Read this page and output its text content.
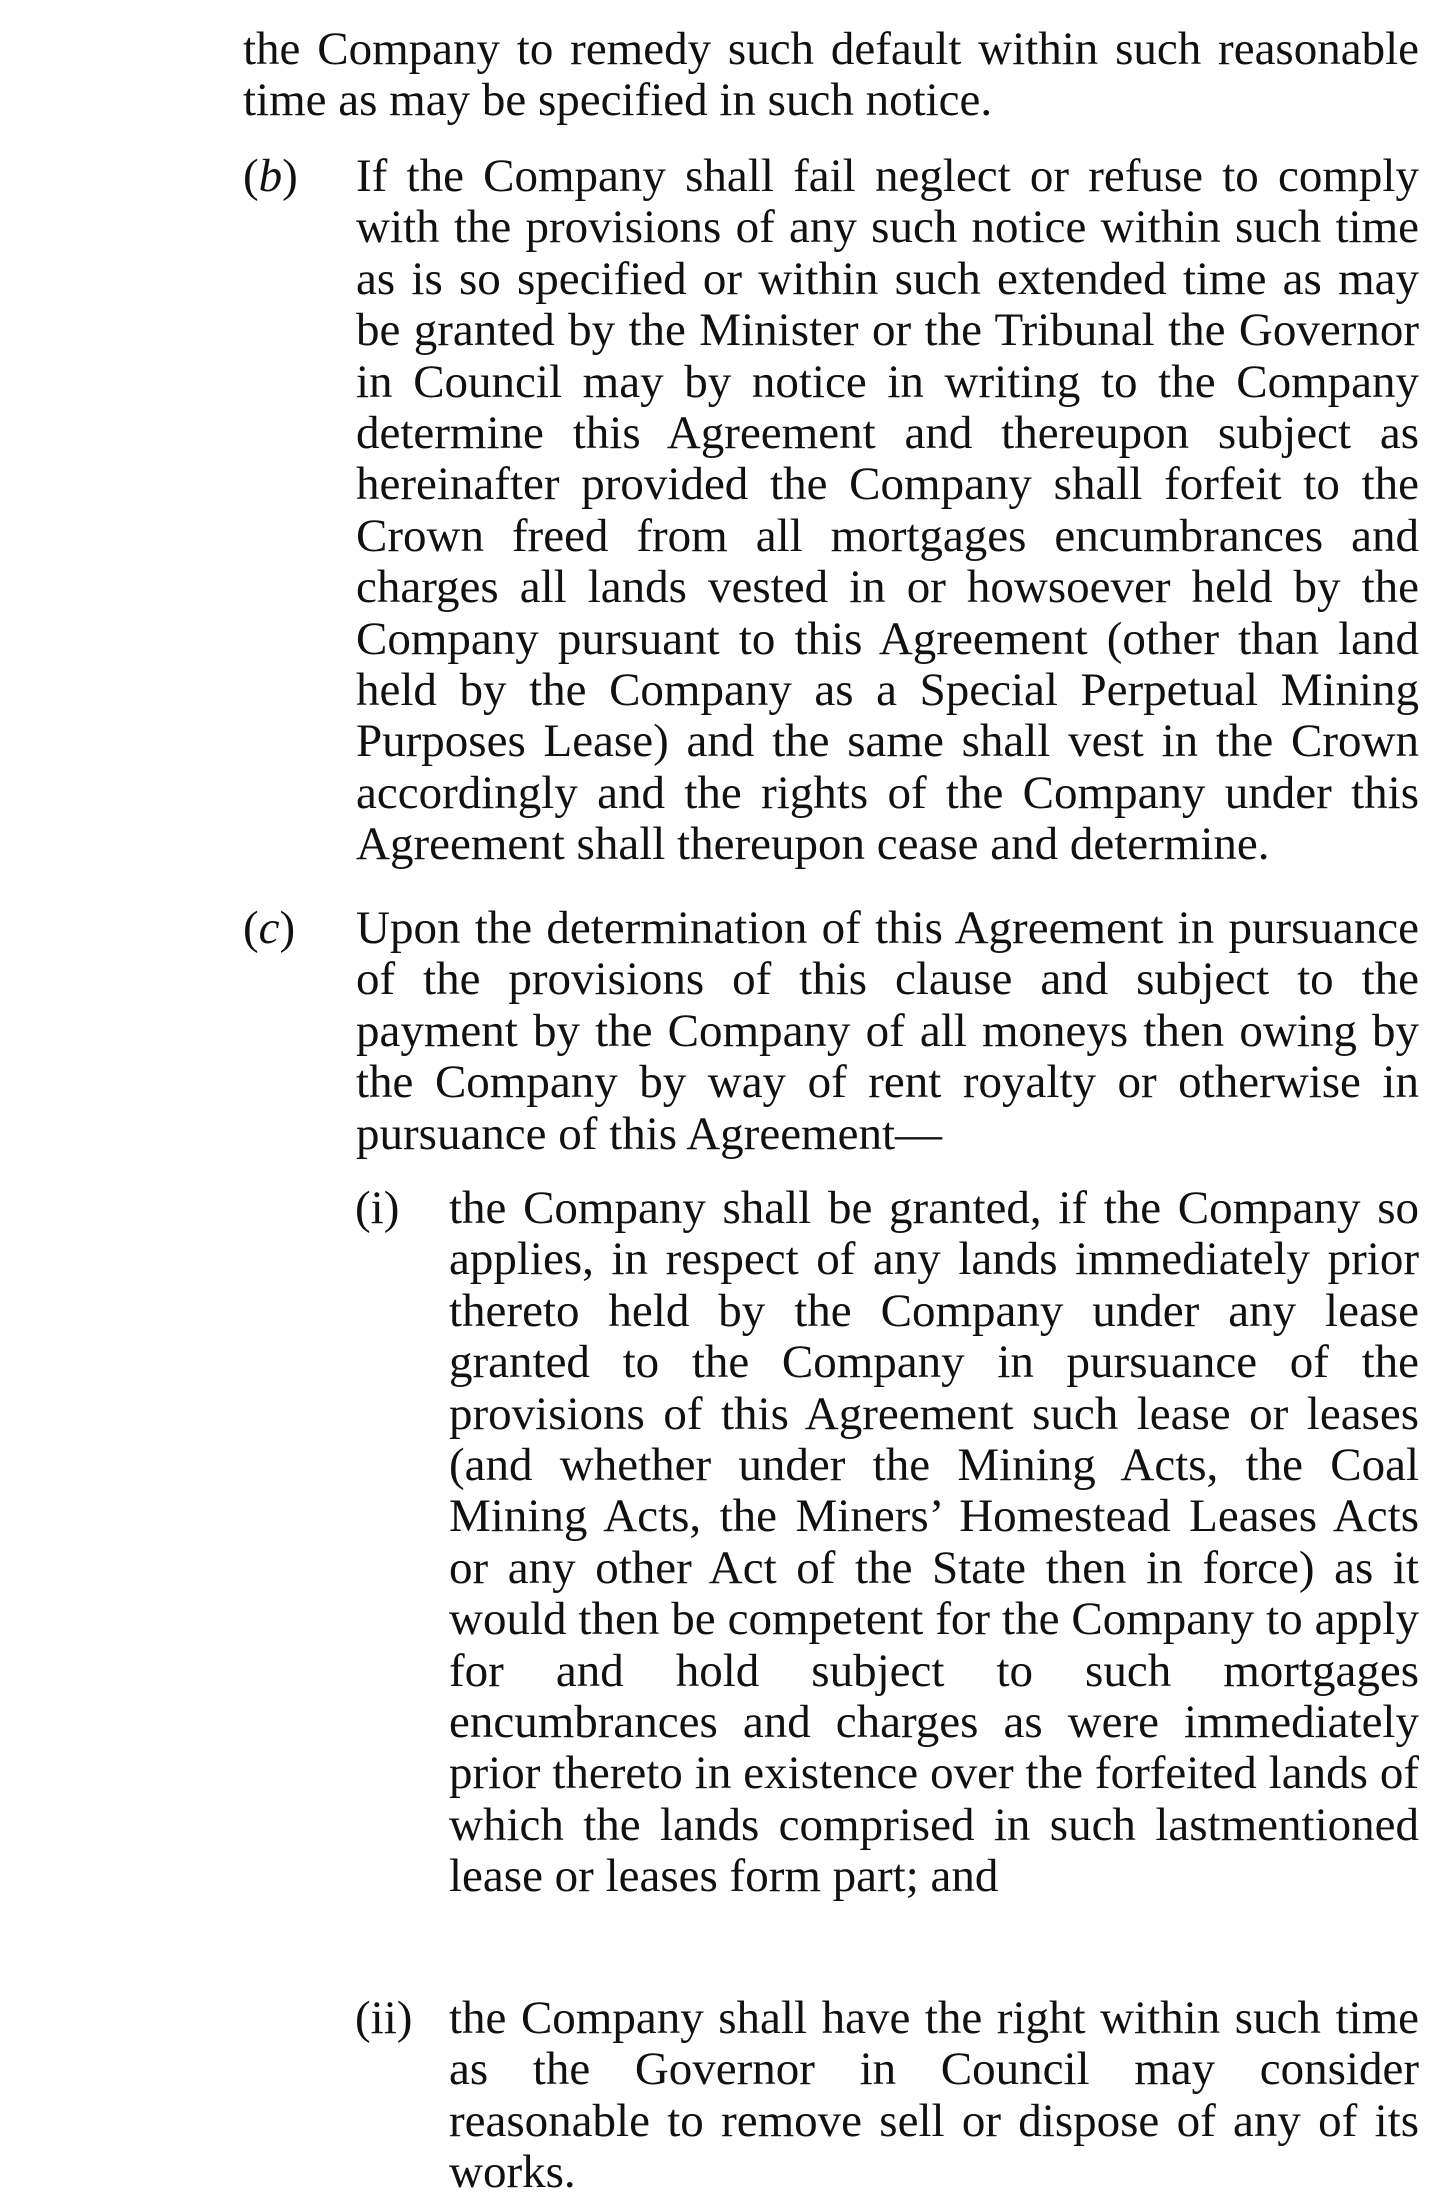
the Company to remedy such default within such reasonable time as may be specified in such notice.

(b) If the Company shall fail neglect or refuse to comply with the provisions of any such notice within such time as is so specified or within such extended time as may be granted by the Minister or the Tribunal the Governor in Council may by notice in writing to the Company determine this Agreement and thereupon subject as hereinafter provided the Company shall forfeit to the Crown freed from all mortgages encumbrances and charges all lands vested in or howsoever held by the Company pursuant to this Agreement (other than land held by the Company as a Special Perpetual Mining Purposes Lease) and the same shall vest in the Crown accordingly and the rights of the Company under this Agreement shall thereupon cease and determine.

(c) Upon the determination of this Agreement in pursuance of the provisions of this clause and subject to the payment by the Company of all moneys then owing by the Company by way of rent royalty or otherwise in pursuance of this Agreement—

(i) the Company shall be granted, if the Company so applies, in respect of any lands immediately prior thereto held by the Company under any lease granted to the Company in pursuance of the provisions of this Agreement such lease or leases (and whether under the Mining Acts, the Coal Mining Acts, the Miners’ Homestead Leases Acts or any other Act of the State then in force) as it would then be competent for the Company to apply for and hold subject to such mortgages encumbrances and charges as were immediately prior thereto in existence over the forfeited lands of which the lands comprised in such lastmentioned lease or leases form part; and

(ii) the Company shall have the right within such time as the Governor in Council may consider reasonable to remove sell or dispose of any of its works.
